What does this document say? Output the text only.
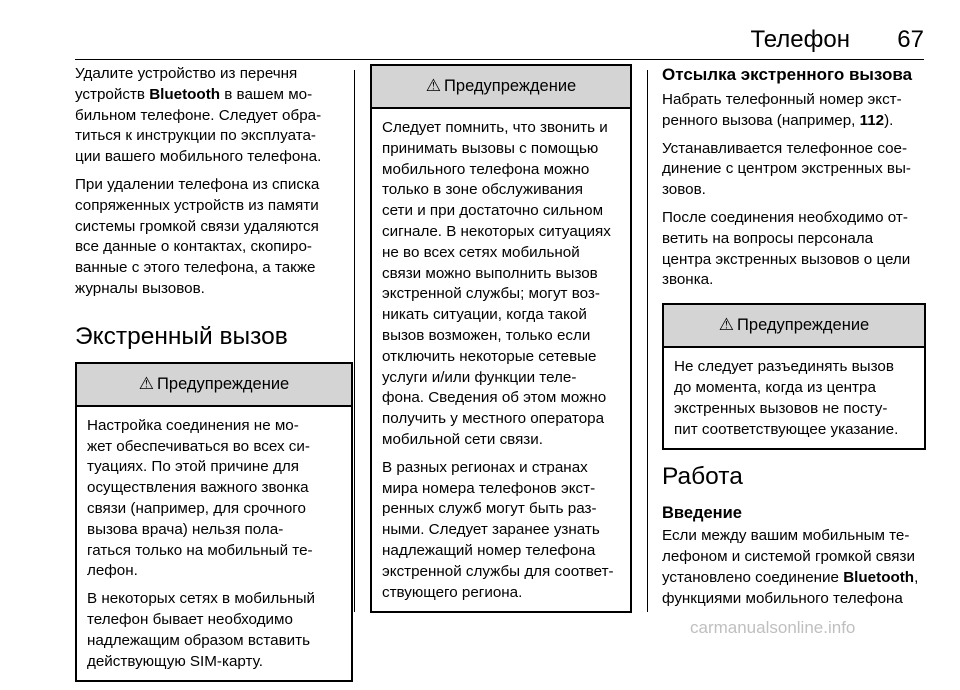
Телефон 67

Удалите устройство из перечня
устройств Bluetooth в вашем мо-
бильном телефоне. Следует обра-
титься к инструкции по эксплуата-
ции вашего мобильного телефона.

При удалении телефона из списка
сопряженных устройств из памяти
системы громкой связи удаляются
все данные о контактах, скопиро-
ванные с этого телефона, а также
журналы вызовов.

Экстренный вызов
⚠ Предупреждение

Настройка соединения не мо-
жет обеспечиваться во всех си-
туациях. По этой причине для
осуществления важного звонка
связи (например, для срочного
вызова врача) нельзя пола-
гаться только на мобильный те-
лефон.

В некоторых сетях в мобильный
телефон бывает необходимо
надлежащим образом вставить
действующую SIM-карту.

⚠ Предупреждение

Следует помнить, что звонить и
принимать вызовы с помощью
мобильного телефона можно
только в зоне обслуживания
сети и при достаточно сильном
сигнале. В некоторых ситуациях
не во всех сетях мобильной
связи можно выполнить вызов
экстренной службы; могут воз-
никать ситуации, когда такой
вызов возможен, только если
отключить некоторые сетевые
услуги и/или функции теле-
фона. Сведения об этом можно
получить у местного оператора
мобильной сети связи.

В разных регионах и странах
мира номера телефонов экст-
ренных служб могут быть раз-
ными. Следует заранее узнать
надлежащий номер телефона
экстренной службы для соответ-
ствующего региона.

Отсылка экстренного вызова

Набрать телефонный номер экст-
ренного вызова (например, 112).

Устанавливается телефонное сое-
динение с центром экстренных вы-
зовов.

После соединения необходимо от-
ветить на вопросы персонала
центра экстренных вызовов о цели
звонка.

⚠ Предупреждение

Не следует разъединять вызов
до момента, когда из центра
экстренных вызовов не посту-
пит соответствующее указание.

Работа
Введение

Если между вашим мобильным те-
лефоном и системой громкой связи
установлено соединение Bluetooth,
функциями мобильного телефона

carmanualsonline.info
